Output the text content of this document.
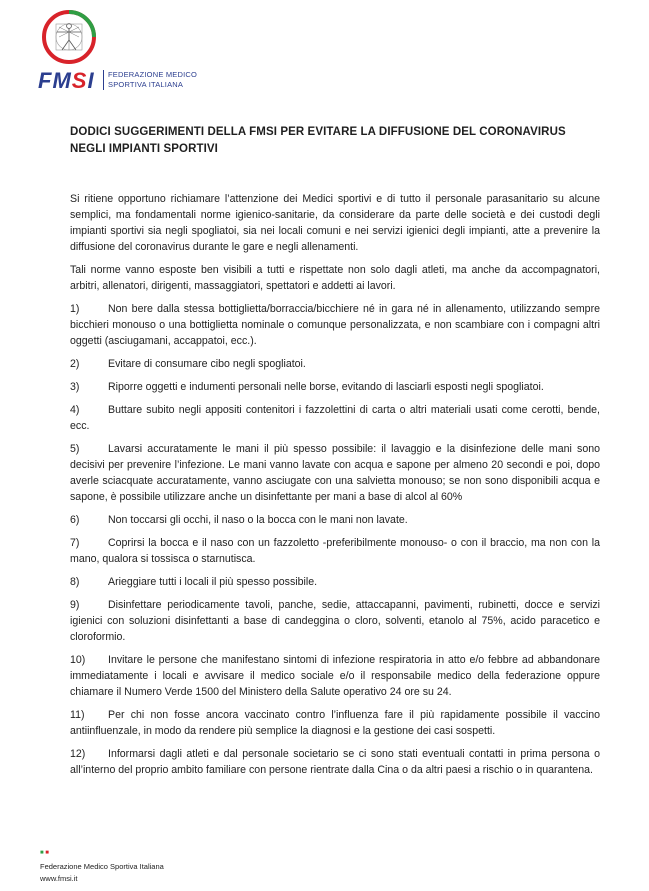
FMSI FEDERAZIONE MEDICO
SPORTIVA ITALIANA
DODICI SUGGERIMENTI DELLA FMSI PER EVITARE LA DIFFUSIONE DEL CORONAVIRUS NEGLI IMPIANTI SPORTIVI

Si ritiene opportuno richiamare l’attenzione dei Medici sportivi e di tutto il personale parasanitario su alcune semplici, ma fondamentali norme igienico-sanitarie, da considerare da parte delle società e dei custodi degli impianti sportivi sia negli spogliatoi, sia nei locali comuni e nei servizi igienici degli impianti, atte a prevenire la diffusione del coronavirus durante le gare e negli allenamenti.

Tali norme vanno esposte ben visibili a tutti e rispettate non solo dagli atleti, ma anche da accompagnatori, arbitri, allenatori, dirigenti, massaggiatori, spettatori e addetti ai lavori.

1)	Non bere dalla stessa bottiglietta/borraccia/bicchiere né in gara né in allenamento, utilizzando sempre bicchieri monouso o una bottiglietta nominale o comunque personalizzata, e non scambiare con i compagni altri oggetti (asciugamani, accappatoi, ecc.).
2)	Evitare di consumare cibo negli spogliatoi.
3)	Riporre oggetti e indumenti personali nelle borse, evitando di lasciarli esposti negli spogliatoi.
4)	Buttare subito negli appositi contenitori i fazzolettini di carta o altri materiali usati come cerotti, bende, ecc.
5)	Lavarsi accuratamente le mani il più spesso possibile: il lavaggio e la disinfezione delle mani sono decisivi per prevenire l’infezione. Le mani vanno lavate con acqua e sapone per almeno 20 secondi e poi, dopo averle sciacquate accuratamente, vanno asciugate con una salvietta monouso; se non sono disponibili acqua e sapone, è possibile utilizzare anche un disinfettante per mani a base di alcol al 60%
6)	Non toccarsi gli occhi, il naso o la bocca con le mani non lavate.
7)	Coprirsi la bocca e il naso con un fazzoletto -preferibilmente monouso- o con il braccio, ma non con la mano, qualora si tossisca o starnutisca.
8)	Arieggiare tutti i locali il più spesso possibile.
9)	Disinfettare periodicamente tavoli, panche, sedie, attaccapanni, pavimenti, rubinetti, docce e servizi igienici con soluzioni disinfettanti a base di candeggina o cloro, solventi, etanolo al 75%, acido paracetico e cloroformio.
10) Invitare le persone che manifestano sintomi di infezione respiratoria in atto e/o febbre ad abbandonare immediatamente i locali e avvisare il medico sociale e/o il responsabile medico della federazione oppure chiamare il Numero Verde 1500 del Ministero della Salute operativo 24 ore su 24.
11) Per chi non fosse ancora vaccinato contro l’influenza fare il più rapidamente possibile il vaccino antiinfluenzale, in modo da rendere più semplice la diagnosi e la gestione dei casi sospetti.
12) Informarsi dagli atleti e dal personale societario se ci sono stati eventuali contatti in prima persona o all’interno del proprio ambito familiare con persone rientrate dalla Cina o da altri paesi a rischio o in quarantena.
■ ■
Federazione Medico Sportiva Italiana
www.fmsi.it
